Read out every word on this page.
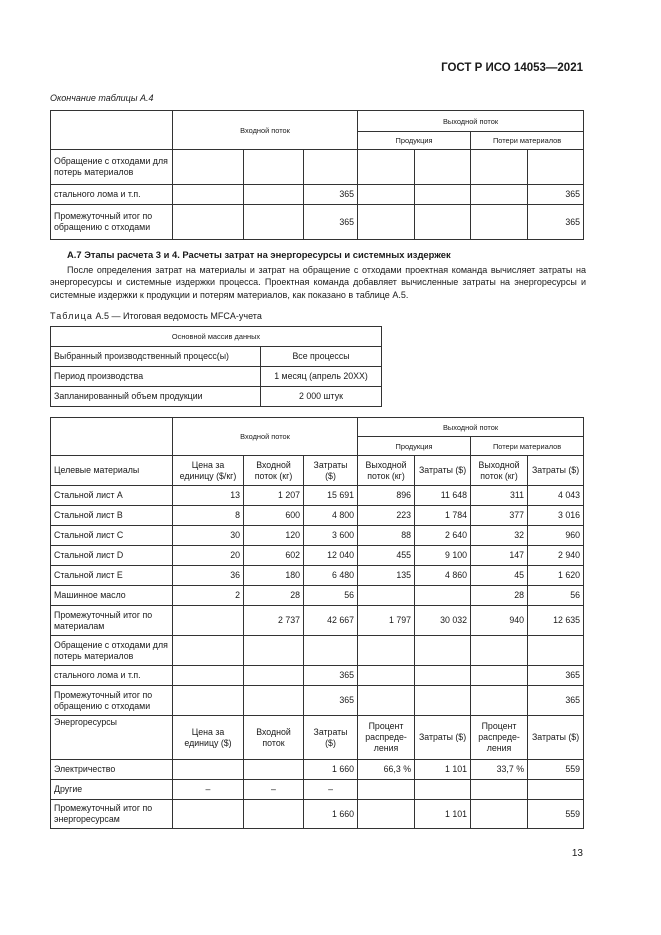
ГОСТ Р ИСО 14053—2021
Окончание таблицы А.4
	Входной поток			Выходной поток			
				Продукция		Потери материалов	
Обращение с отходами для потерь материалов							
стального лома и т.п.			365				365
Промежуточный итог по обращению с отходами			365				365
А.7 Этапы расчета 3 и 4. Расчеты затрат на энергоресурсы и системных издержек
После определения затрат на материалы и затрат на обращение с отходами проектная команда вычисляет затраты на энергоресурсы и системные издержки процесса. Проектная команда добавляет вычисленные затраты на энергоресурсы и системные издержки к продукции и потерям материалов, как показано в таблице А.5.
Таблица А.5 — Итоговая ведомость MFCA-учета
Основной массив данных	
Выбранный производственный процесс(ы)	Все процессы
Период производства	1 месяц (апрель 20XX)
Запланированный объем продукции	2 000 штук
	Входной поток			Выходной поток			
				Продукция		Потери материалов	
Целевые материалы	Цена за единицу ($/кг)	Входной поток (кг)	Затраты ($)	Выходной поток (кг)	Затраты ($)	Выходной поток (кг)	Затраты ($)
Стальной лист А	13	1 207	15 691	896	11 648	311	4 043
Стальной лист B	8	600	4 800	223	1 784	377	3 016
Стальной лист C	30	120	3 600	88	2 640	32	960
Стальной лист D	20	602	12 040	455	9 100	147	2 940
Стальной лист E	36	180	6 480	135	4 860	45	1 620
Машинное масло	2	28	56			28	56
Промежуточный итог по материалам		2 737	42 667	1 797	30 032	940	12 635
Обращение с отходами для потерь материалов							
стального лома и т.п.			365				365
Промежуточный итог по обращению с отходами			365				365
Энергоресурсы	Цена за единицу ($)	Входной поток	Затраты ($)	Процент распреде-ления	Затраты ($)	Процент распреде-ления	Затраты ($)
Электричество			1 660	66,3 %	1 101	33,7 %	559
Другие	–	–	–				
Промежуточный итог по энергоресурсам			1 660		1 101		559
13
